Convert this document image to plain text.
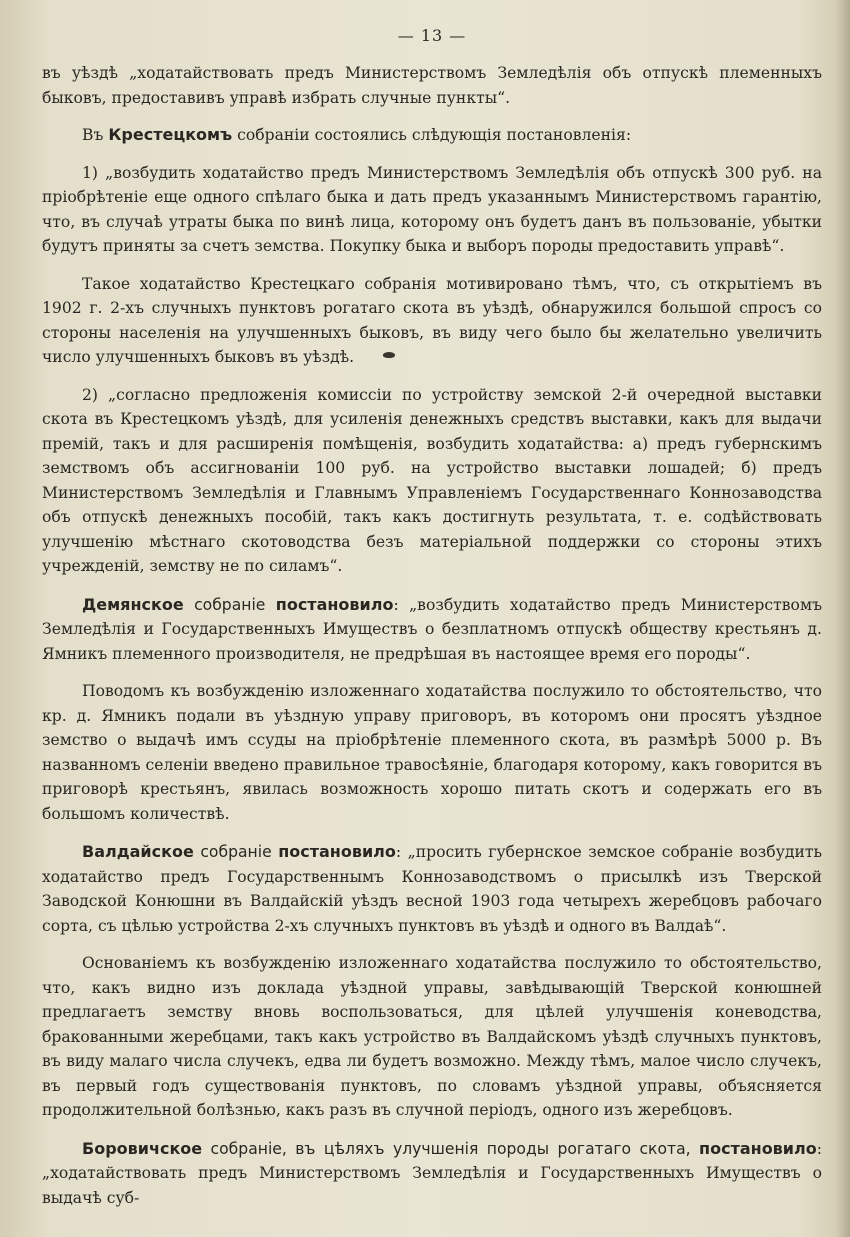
— 13 —

въ уѣздѣ „ходатайствовать предъ Министерствомъ Земледѣлія объ отпускѣ племенныхъ быковъ, предоставивъ управѣ избрать случные пункты“.

Въ Крестецкомъ собраніи состоялись слѣдующія постановленія:

1) „возбудить ходатайство предъ Министерствомъ Земледѣлія объ отпускѣ 300 руб. на пріобрѣтеніе еще одного спѣлаго быка и дать предъ указаннымъ Министерствомъ гарантію, что, въ случаѣ утраты быка по винѣ лица, которому онъ будетъ данъ въ пользованіе, убытки будутъ приняты за счетъ земства. Покупку быка и выборъ породы предоставить управѣ“.

Такое ходатайство Крестецкаго собранія мотивировано тѣмъ, что, съ открытіемъ въ 1902 г. 2-хъ случныхъ пунктовъ рогатаго скота въ уѣздѣ, обнаружился большой спросъ со стороны населенія на улучшенныхъ быковъ, въ виду чего было бы желательно увеличить число улучшенныхъ быковъ въ уѣздѣ.

2) „согласно предложенія комиссіи по устройству земской 2-й очередной выставки скота въ Крестецкомъ уѣздѣ, для усиленія денежныхъ средствъ выставки, какъ для выдачи премій, такъ и для расширенія помѣщенія, возбудить ходатайства: а) предъ губернскимъ земствомъ объ ассигнованіи 100 руб. на устройство выставки лошадей; б) предъ Министерствомъ Земледѣлія и Главнымъ Управленіемъ Государственнаго Коннозаводства объ отпускѣ денежныхъ пособій, такъ какъ достигнуть результата, т. е. содѣйствовать улучшенію мѣстнаго скотоводства безъ матеріальной поддержки со стороны этихъ учрежденій, земству не по силамъ“.

Демянское собраніе постановило: „возбудить ходатайство предъ Министерствомъ Земледѣлія и Государственныхъ Имуществъ о безплатномъ отпускѣ обществу крестьянъ д. Ямникъ племенного производителя, не предрѣшая въ настоящее время его породы“.

Поводомъ къ возбужденію изложеннаго ходатайства послужило то обстоятельство, что кр. д. Ямникъ подали въ уѣздную управу приговоръ, въ которомъ они просятъ уѣздное земство о выдачѣ имъ ссуды на пріобрѣтеніе племенного скота, въ размѣрѣ 5000 р. Въ названномъ селеніи введено правильное травосѣяніе, благодаря которому, какъ говорится въ приговорѣ крестьянъ, явилась возможность хорошо питать скотъ и содержать его въ большомъ количествѣ.

Валдайское собраніе постановило: „просить губернское земское собраніе возбудить ходатайство предъ Государственнымъ Коннозаводствомъ о присылкѣ изъ Тверской Заводской Конюшни въ Валдайскій уѣздъ весной 1903 года четырехъ жеребцовъ рабочаго сорта, съ цѣлью устройства 2-хъ случныхъ пунктовъ въ уѣздѣ и одного въ Валдаѣ“.

Основаніемъ къ возбужденію изложеннаго ходатайства послужило то обстоятельство, что, какъ видно изъ доклада уѣздной управы, завѣдывающій Тверской конюшней предлагаетъ земству вновь воспользоваться, для цѣлей улучшенія коневодства, бракованными жеребцами, такъ какъ устройство въ Валдайскомъ уѣздѣ случныхъ пунктовъ, въ виду малаго числа случекъ, едва ли будетъ возможно. Между тѣмъ, малое число случекъ, въ первый годъ существованія пунктовъ, по словамъ уѣздной управы, объясняется продолжительной болѣзнью, какъ разъ въ случной періодъ, одного изъ жеребцовъ.

Боровичское собраніе, въ цѣляхъ улучшенія породы рогатаго скота, постановило: „ходатайствовать предъ Министерствомъ Земледѣлія и Государственныхъ Имуществъ о выдачѣ суб-
